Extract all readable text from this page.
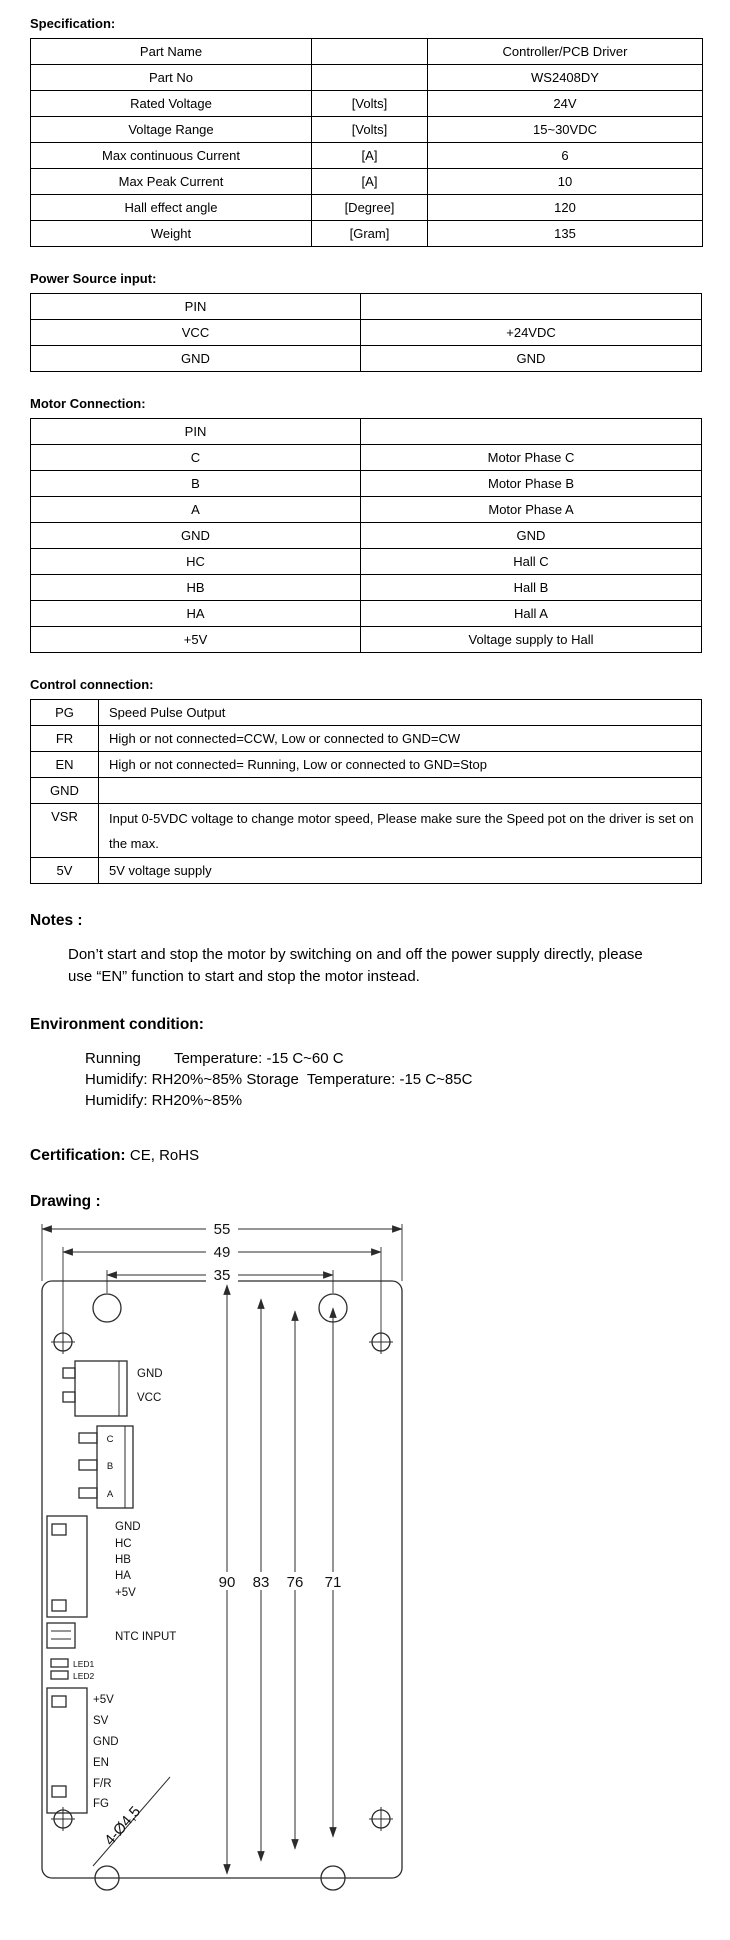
Specification:
Part Name		Controller/PCB Driver
Part No		WS2408DY
Rated Voltage	[Volts]	24V
Voltage Range	[Volts]	15~30VDC
Max continuous Current	[A]	6
Max Peak Current	[A]	10
Hall effect angle	[Degree]	120
Weight	[Gram]	135
Power Source input:
PIN	
VCC	+24VDC
GND	GND
Motor Connection:
PIN	
C	Motor Phase C
B	Motor Phase B
A	Motor Phase A
GND	GND
HC	Hall C
HB	Hall B
HA	Hall A
+5V	Voltage supply to Hall
Control connection:
PG	Speed Pulse Output
FR	High or not connected=CCW, Low or connected to GND=CW
EN	High or not connected= Running, Low or connected to GND=Stop
GND	
VSR	Input 0-5VDC voltage to change motor speed, Please make sure the Speed pot on the driver is set on the max.
5V	5V voltage supply
Notes :

Don’t start and stop the motor by switching on and off the power supply directly, please use “EN” function to start and stop the motor instead.

Environment condition:
Running        Temperature: -15 C~60 C
Humidify: RH20%~85% Storage  Temperature: -15 C~85C
Humidify: RH20%~85%
Certification: CE, RoHS
Drawing :
55
49
35
90 83 76 71
GND
VCC
C
B
A
GND
HC
HB
HA
+5V
NTC INPUT
LED1
LED2
+5V
SV
GND
EN
F/R
FG
4-Ø4,5
